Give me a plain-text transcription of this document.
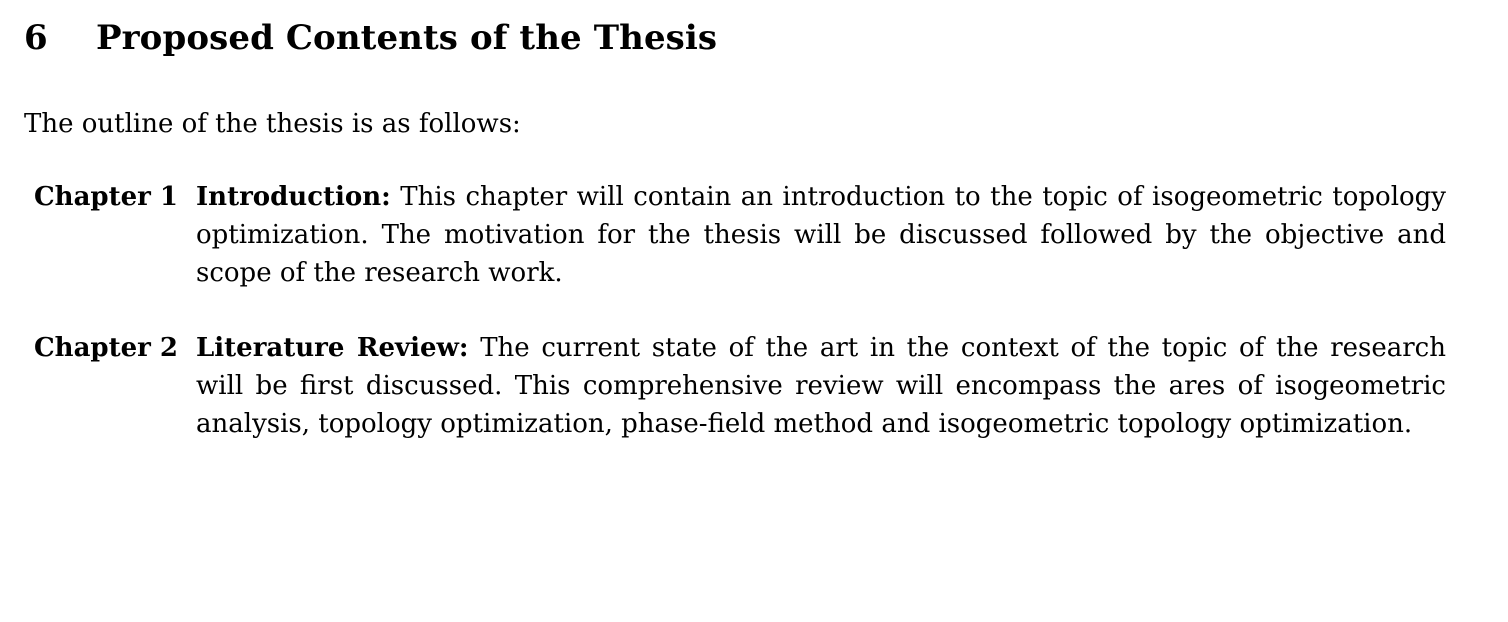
6	Proposed Contents of the Thesis

The outline of the thesis is as follows:

Chapter 1 Introduction: This chapter will contain an introduction to the topic of isogeometric topology optimization. The motivation for the thesis will be discussed followed by the objective and scope of the research work.
Chapter 2 Literature Review: The current state of the art in the context of the topic of the research will be first discussed. This comprehensive review will encompass the ares of isogeometric analysis, topology optimization, phase-field method and isogeometric topology optimization.
